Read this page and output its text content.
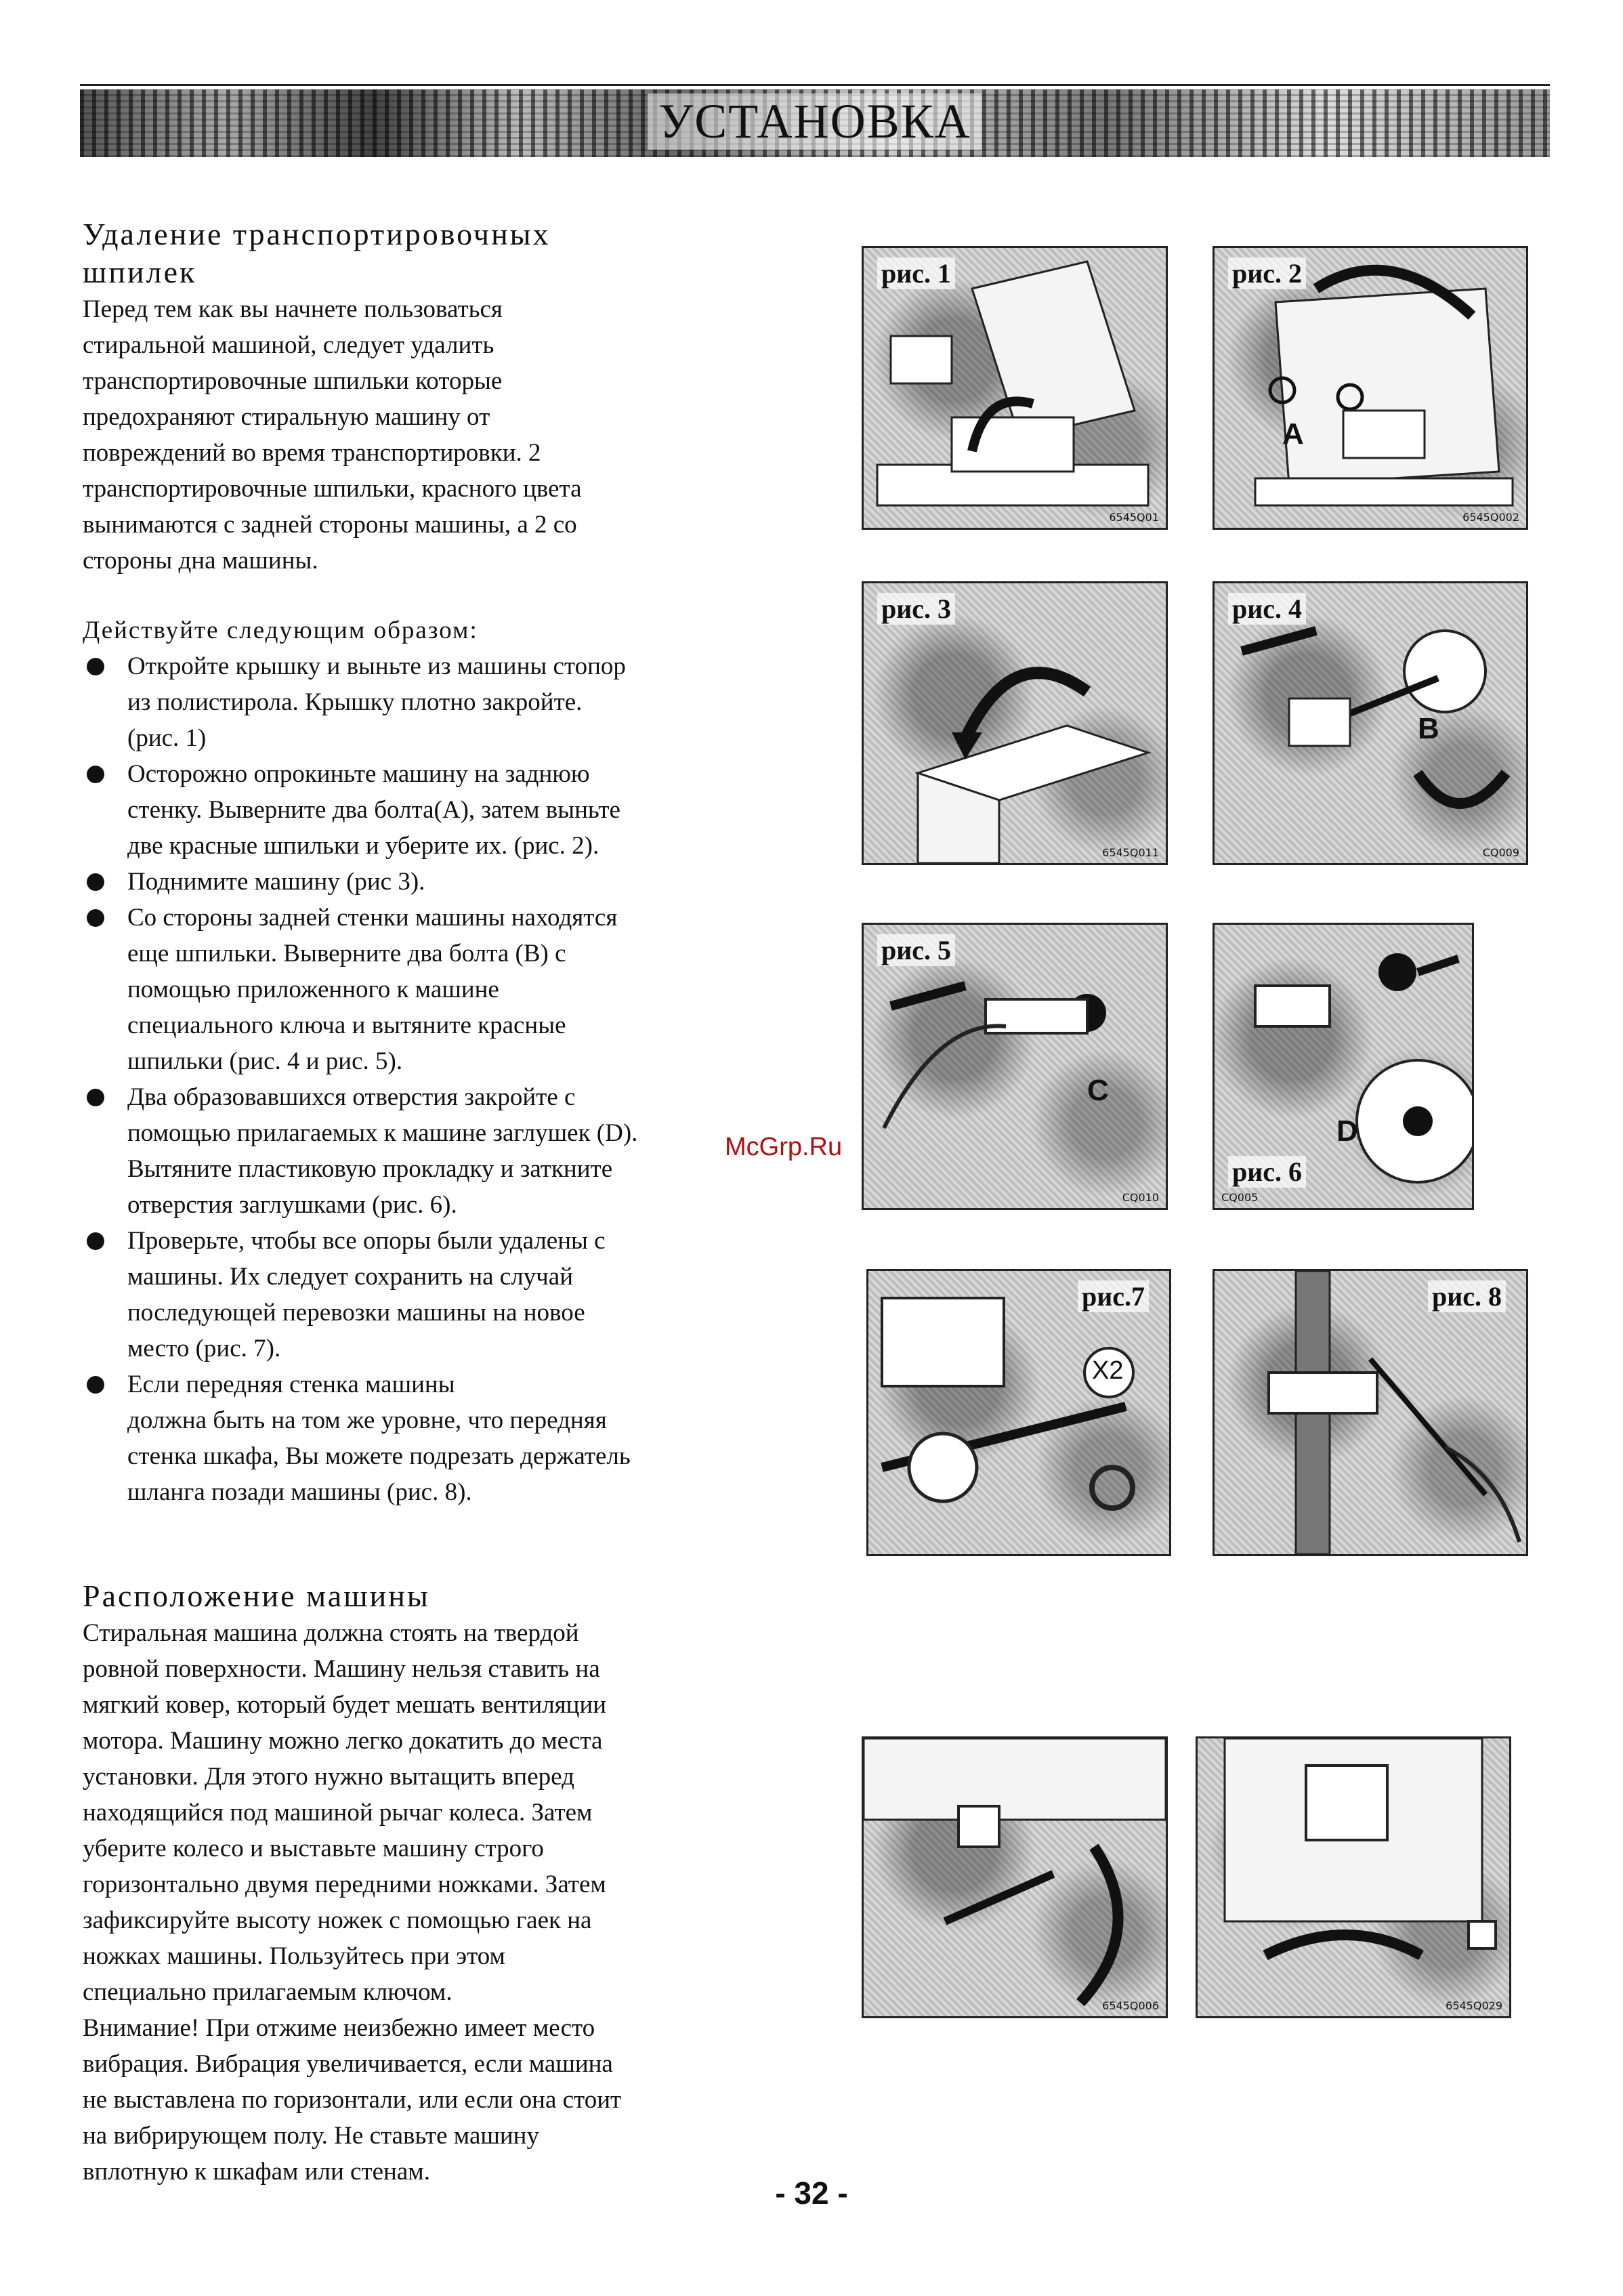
УСТАНОВКА
Удаление транспортировочных
шпилек

Перед тем как вы начнете пользоваться
стиральной машиной, следует удалить
транспортировочные шпильки которые
предохраняют стиральную машину от
повреждений во время транспортировки. 2
транспортировочные шпильки, красного цвета
вынимаются с задней стороны машины, а 2 со
стороны дна машины.

Действуйте следующим образом:

Откройте крышку и выньте из машины стопор
из полистирола. Крышку плотно закройте.
(рис. 1)
Осторожно опрокиньте машину на заднюю
стенку. Выверните два болта(А), затем выньте
две красные шпильки и уберите их. (рис. 2).
Поднимите машину (рис 3).
Со стороны задней стенки машины находятся
еще шпильки. Выверните два болта (В) с
помощью приложенного к машине
специального ключа и вытяните красные
шпильки (рис. 4 и рис. 5).
Два образовавшихся отверстия закройте с
помощью прилагаемых к машине заглушек (D).
Вытяните пластиковую прокладку и заткните
отверстия заглушками (рис. 6).
Проверьте, чтобы все опоры были удалены с
машины. Их следует сохранить на случай
последующей перевозки машины на новое
место (рис. 7).
Если передняя стенка машины
должна быть на том же уровне, что передняя
стенка шкафа, Вы можете подрезать держатель
шланга позади машины (рис. 8).
Расположение машины

Стиральная машина должна стоять на твердой
ровной поверхности. Машину нельзя ставить на
мягкий ковер, который будет мешать вентиляции
мотора. Машину можно легко докатить до места
установки. Для этого нужно вытащить вперед
находящийся под машиной рычаг колеса. Затем
уберите колесо и выставьте машину строго
горизонтально двумя передними ножками. Затем
зафиксируйте высоту ножек с помощью гаек на
ножках машины. Пользуйтесь при этом
специально прилагаемым ключом.
Внимание! При отжиме неизбежно имеет место
вибрация. Вибрация увеличивается, если машина
не выставлена по горизонтали, или если она стоит
на вибрирующем полу. Не ставьте машину
вплотную к шкафам или стенам.

рис. 1
6545Q01
рис. 2
A
6545Q002
рис. 3
6545Q011
рис. 4
B
CQ009
рис. 5
C
CQ010
рис. 6
D
CQ005
рис.7
X2
рис. 8
6545Q006	6545Q029
McGrp.Ru
- 32 -
